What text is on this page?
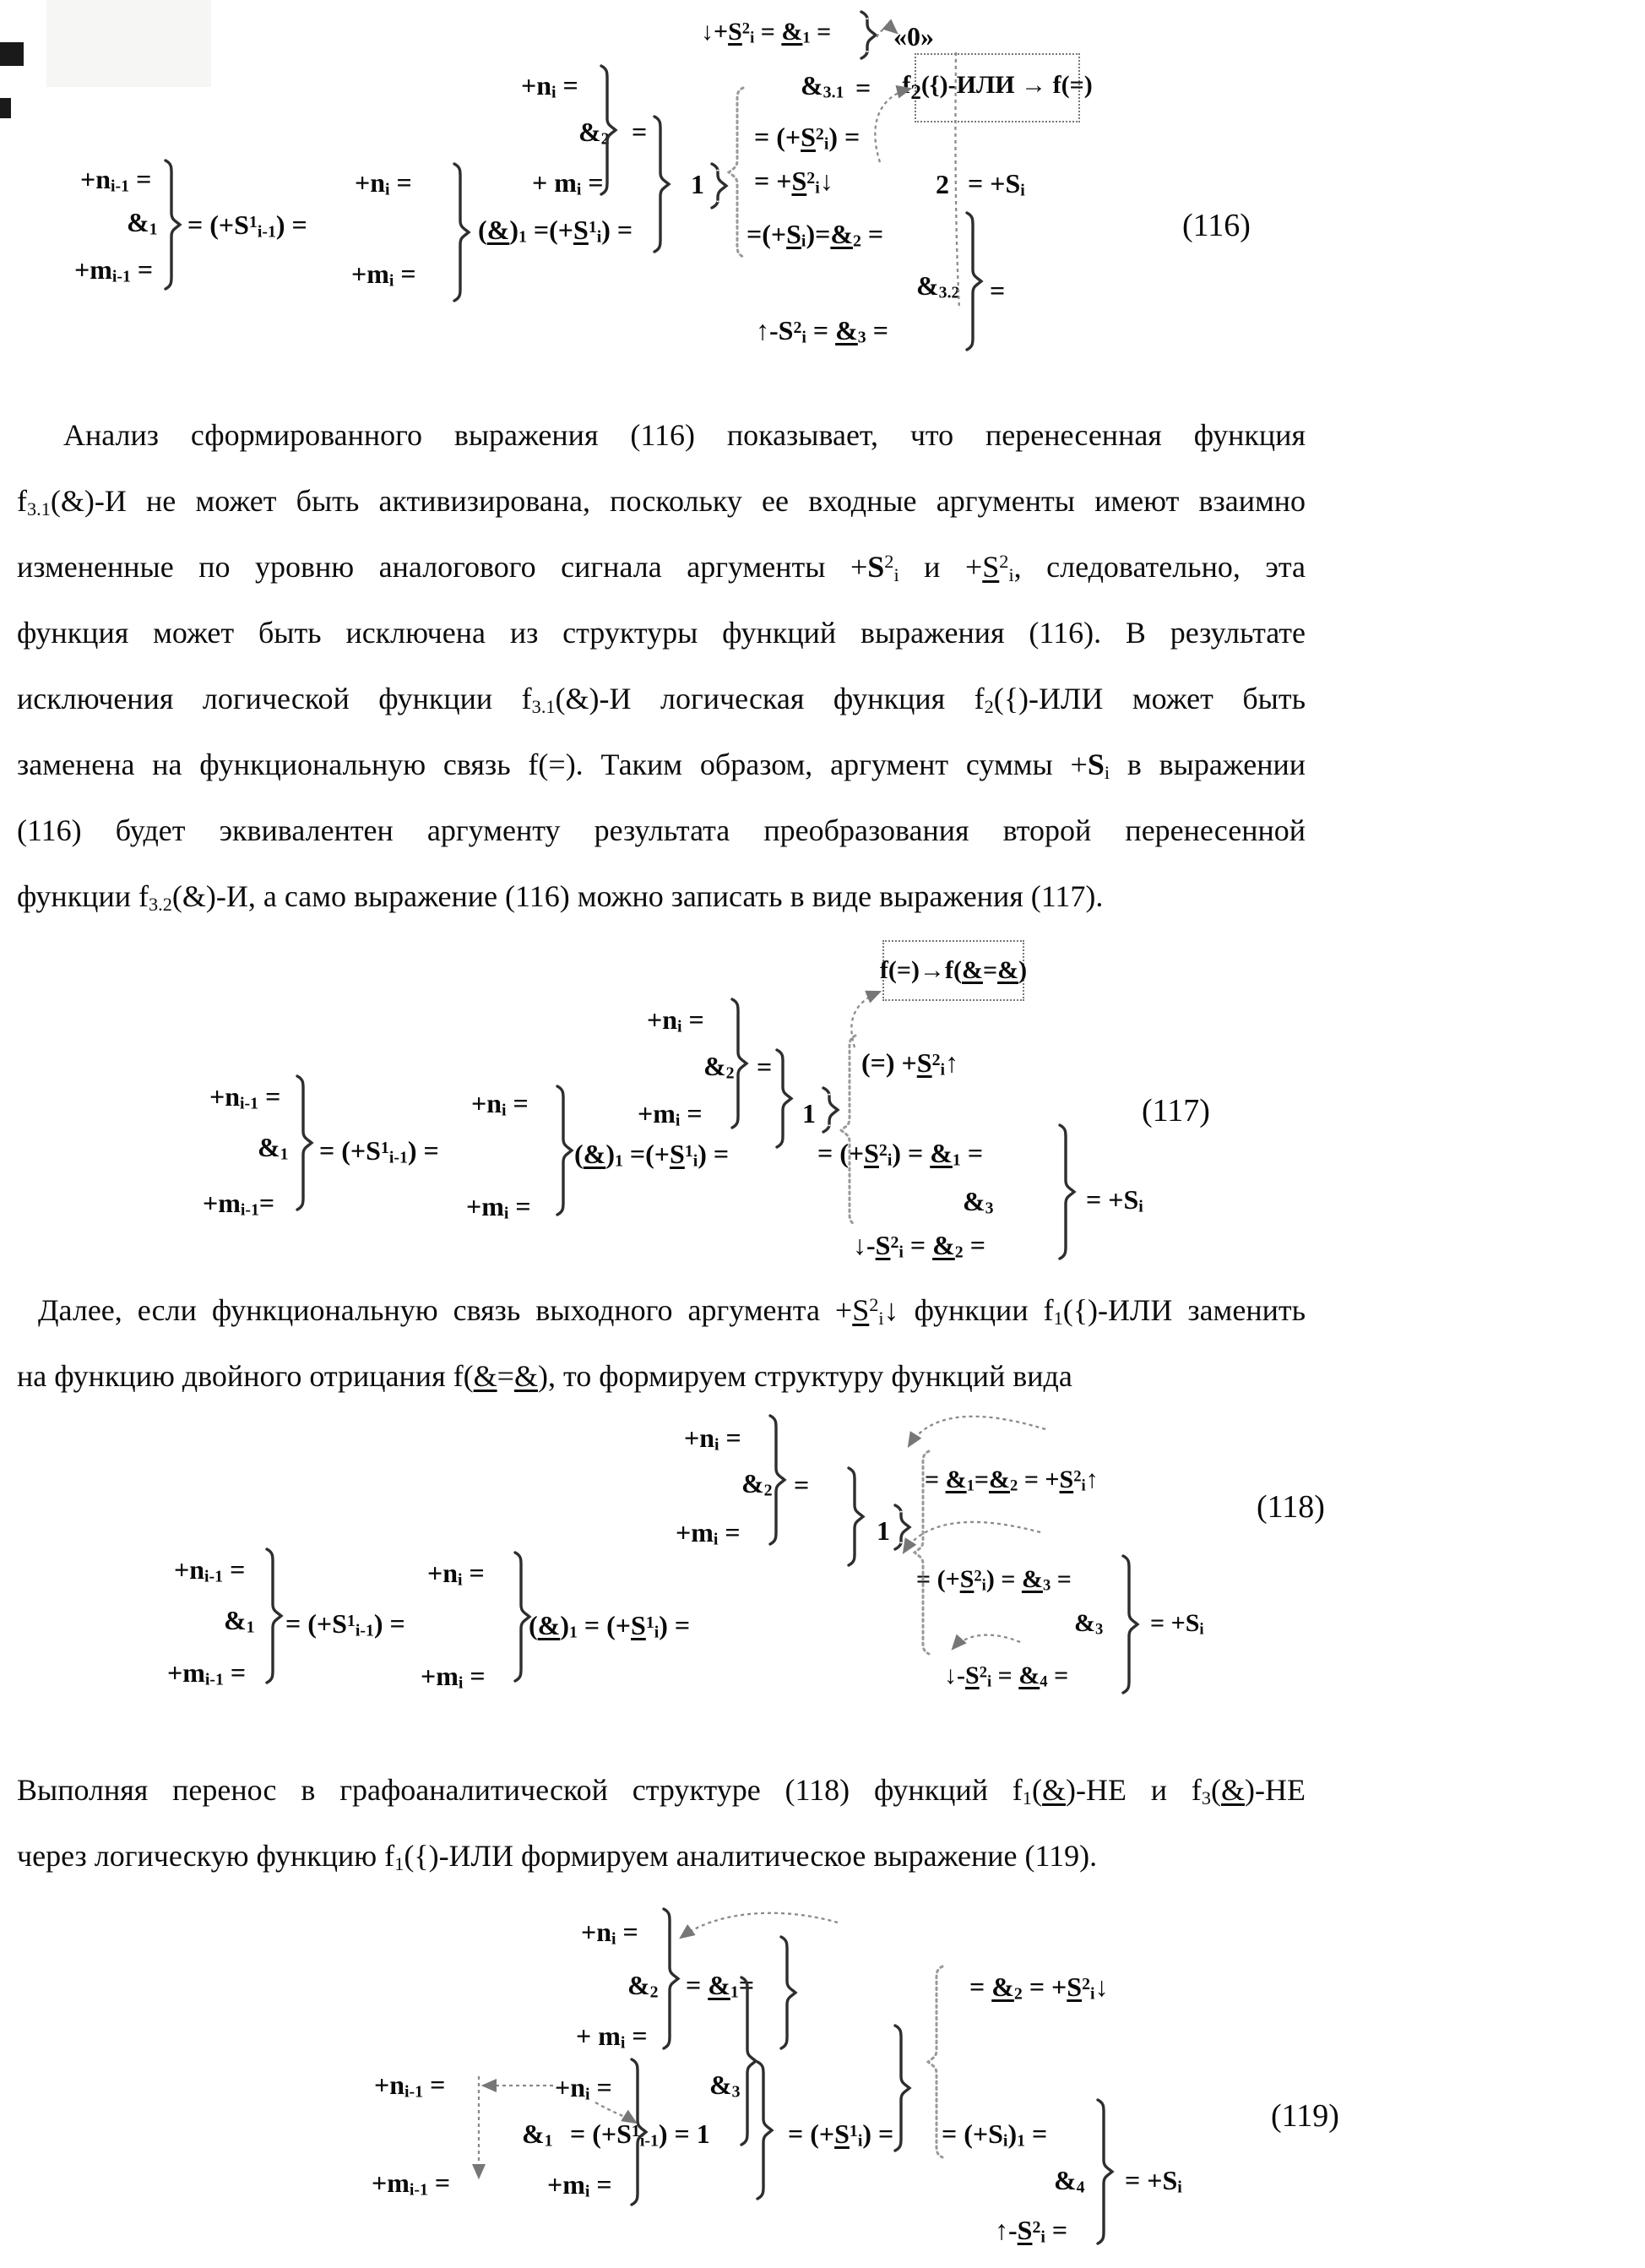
Анализ сформированного выражения (116) показывает, что перенесенная функция
$f_{3.1}(\&)-И$ не может быть активизирована, поскольку ее входные аргументы имеют взаимно
измененные по уровню аналогового сигнала аргументы $+S^2_i$ $и +S^2_i$, следовательно, эта
функция может быть исключена из структуры функций выражения (116). В результате
исключения логической функции $f_{3.1}(\&)-И$ логическая функция $f_2(\{)$-ИЛИ может быть
заменена на функциональную связь f(=). Таким образом, аргумент суммы $+S_i$ в выражении
(116) будет эквивалентен аргументу результата преобразования второй перенесенной
функции $f_{3.2}(\&)-И$, а само выражение (116) можно записать в виде выражения (117).
Далее, если функциональную связь выходного аргумента $+S^2_i↓$ функции $f_1(\{)$-ИЛИ заменить
на функцию двойного отрицания f(&=&), то формируем структуру функций вида
Выполняя перенос в графоаналитической структуре (118) функций $f_1(\&)-НЕ$ и $f_3(\&)-НЕ$
через логическую функцию $f_1(\{)$-ИЛИ формируем аналитическое выражение (119).
$+n_{i-1}$ =
$\&_1$
$+m_{i-1}$ =
= $(+S^1_{i-1})$ =
$+n_i$ =
$+m_i$ =
$(\&)_1 =(+S^1_i)$ =
$+n_i$ =
$\&_2$ =
+ $m_i$ =	1
= $(+S^2_i)$ =
= $+S^2_i↓$
$=(+S_i)=\&_2$ =
$↓+S^2_i$ = $\&_1$ =
$\&_{3.1}$ =
«0»
$\&_{3.2}$ =
$↑-S^2_i$ = $\&_3$ =
$2 = +S_i$
(116)
$+n_{i-1}$ =
$\&_1$
$+m_{i-1}=$
= $(+S^1_{i-1})$ =
$+n_i$ =
$+m_i$ =
$(\&)_1 =(+S^1_i)$ =
$+n_i$ =
$\&_2$ =
$+m_i$ =	1
(=) $+S^2_i↑$
= $(+S^2_i)$ = $\&_1$ =
$\&_3$	= $+S_i$
$↓-S^2_i$ = $\&_2$ =
(117)
$+n_{i-1}$ =
$\&_1$
$+m_{i-1}$ =
= $(+S^1_{i-1})$ =
$+n_i$ =
$+m_i$ =
$(\&)_1 = (+S^1_i)$ =
$+n_i$ =
$\&_2$ =
$+m_i$ =	1
= $\&_1=\&_2$ = $+S^2_i↑$
= $(+S^2_i)$ = $\&_3$ =
$\&_3 = +S_i$
$↓-S^2_i$ = $\&_4$ =
(118)
$+n_i$ =
$\&_2$ = $\&_1=$
+ $m_i$ =
$+n_{i-1}$ =	$+n_i$ =
$\&_1 = (+S^1_{i-1}) = 1$	= $(+S^1_i)$ =
$+m_{i-1}$ =	$+m_i$ =
$\&_3$
= $\&_2$ = $+S^2_i↓$
= $(+S_i)_1$ =
$\&_4 = +S_i$
$↑-S^2_i$ =
(119)
$f_2(\{)$-ИЛИ → f(=)
f(=)→f(&=&)
